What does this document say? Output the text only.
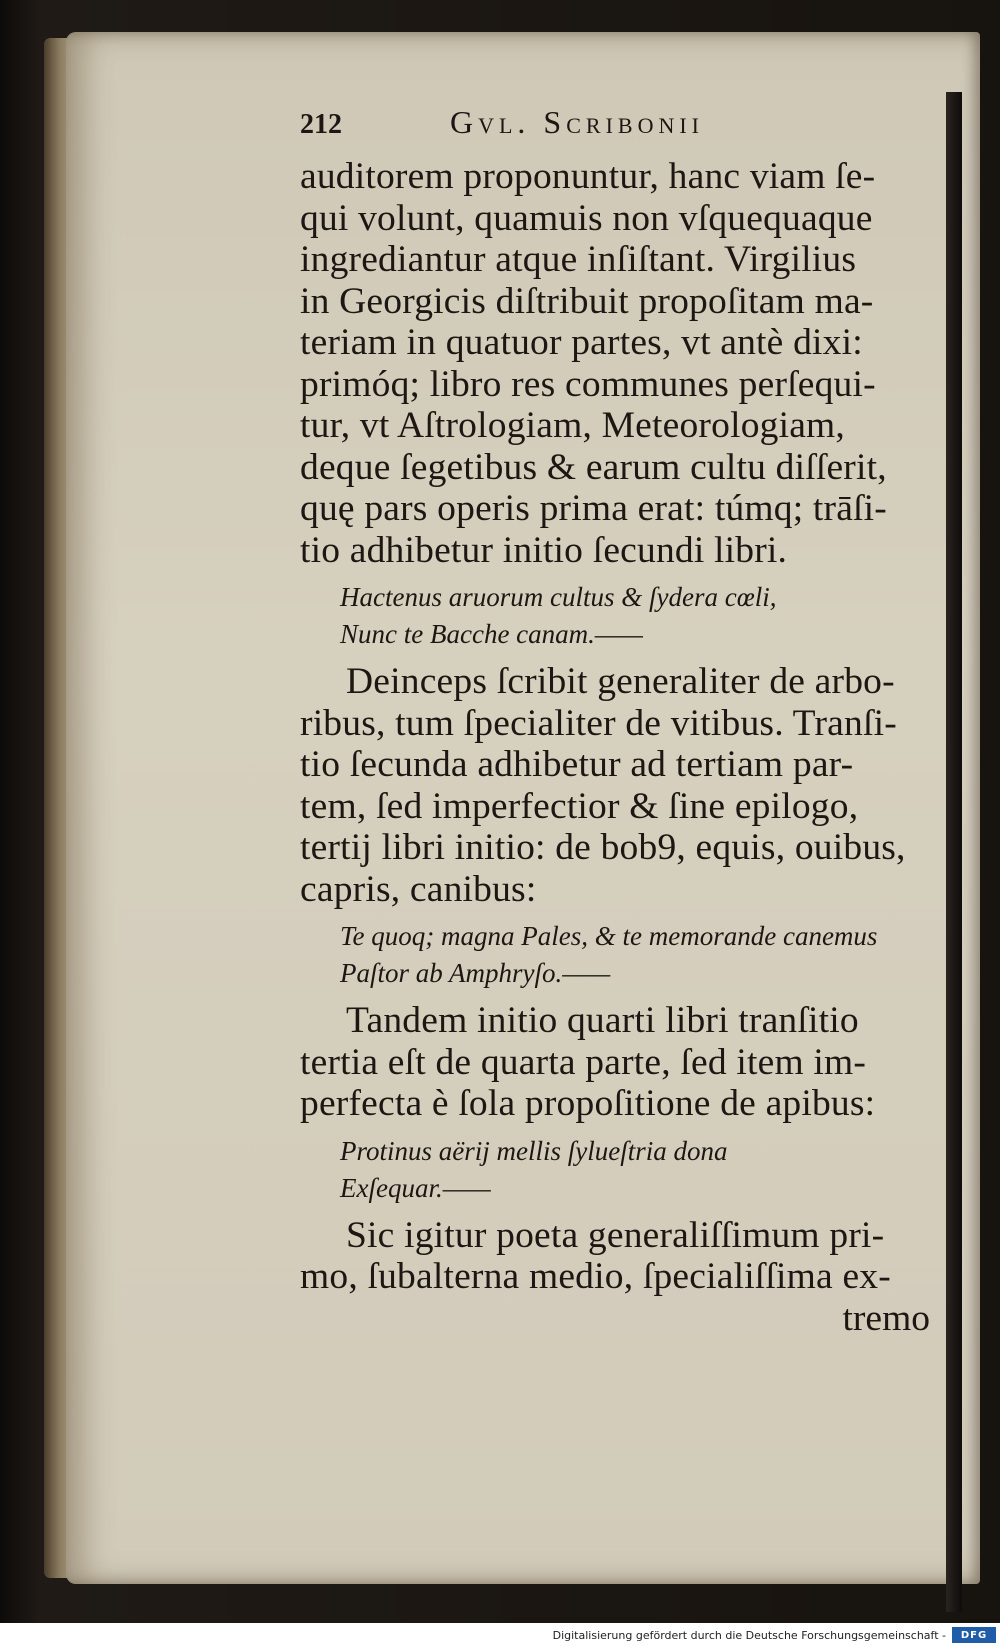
212	Gvl. Scribonii
auditorem proponuntur, hanc viam ſe-
qui volunt, quamuis non vſquequaque
ingrediantur atque inſiſtant. Virgilius
in Georgicis diſtribuit propoſitam ma-
teriam in quatuor partes, vt antè dixi:
primóq; libro res communes perſequi-
tur, vt Aſtrologiam, Meteorologiam,
deque ſegetibus & earum cultu diſſerit,
quę pars operis prima erat: túmq; trāſi-
tio adhibetur initio ſecundi libri.
Hactenus aruorum cultus & ſydera cœli,
Nunc te Bacche canam.——
Deinceps ſcribit generaliter de arbo-
ribus, tum ſpecialiter de vitibus. Tranſi-
tio ſecunda adhibetur ad tertiam par-
tem, ſed imperfectior & ſine epilogo,
tertij libri initio: de bob9, equis, ouibus,
capris, canibus:
Te quoq; magna Pales, & te memorande canemus
Paſtor ab Amphryſo.——
Tandem initio quarti libri tranſitio
tertia eſt de quarta parte, ſed item im-
perfecta è ſola propoſitione de apibus:
Protinus aërij mellis ſylueſtria dona
Exſequar.——
Sic igitur poeta generaliſſimum pri-
mo, ſubalterna medio, ſpecialiſſima ex-
tremo
Digitalisierung gefördert durch die Deutsche Forschungsgemeinschaft -	DFG
